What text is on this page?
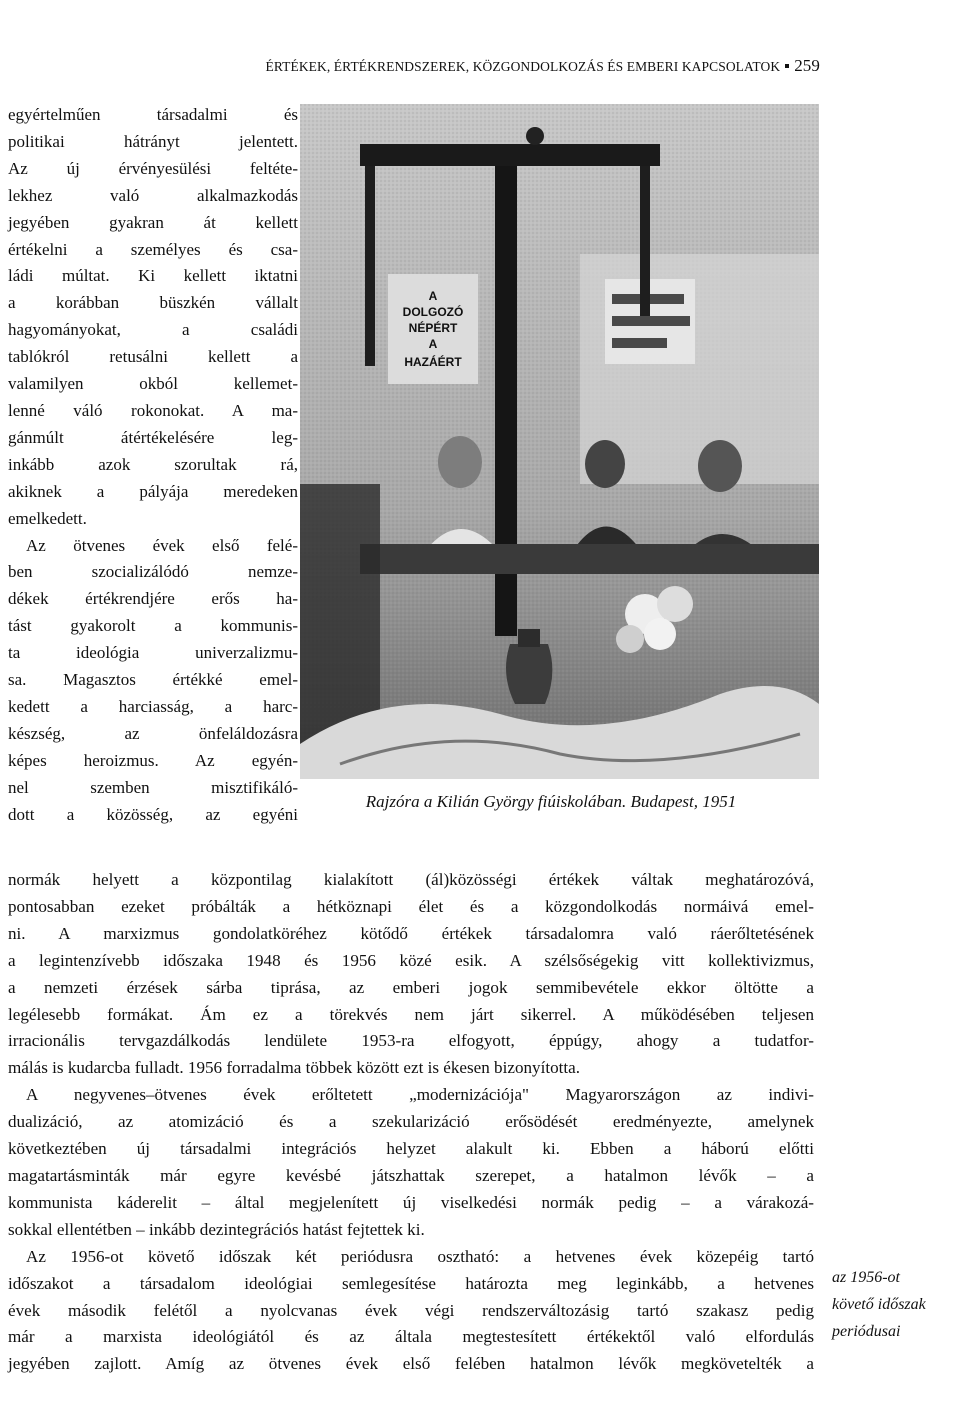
ÉRTÉKEK, ÉRTÉKRENDSZEREK, KÖZGONDOLKOZÁS ÉS EMBERI KAPCSOLATOK 259
egyértelműen társadalmi és
politikai hátrányt jelentett.
Az új érvényesülési feltéte-
lekhez való alkalmazkodás
jegyében gyakran át kellett
értékelni a személyes és csa-
ládi múltat. Ki kellett iktatni
a korábban büszkén vállalt
hagyományokat, a családi
tablókról retusálni kellett a
valamilyen okból kellemet-
lenné váló rokonokat. A ma-
gánmúlt átértékelésére leg-
inkább azok szorultak rá,
akiknek a pályája meredeken
emelkedett.
Az ötvenes évek első felé-
ben szocializálódó nemze-
dékek értékrendjére erős ha-
tást gyakorolt a kommunis-
ta ideológia univerzalizmu-
sa. Magasztos értékké emel-
kedett a harciasság, a harc-
készség, az önfeláldozásra
képes heroizmus. Az egyén-
nel szemben misztifikáló-
dott a közösség, az egyéni
A
DOLGOZÓ
NÉPÉRT
A
HAZÁÉRT
Rajzóra a Kilián György fiúiskolában. Budapest, 1951
normák helyett a központilag kialakított (ál)közösségi értékek váltak meghatározóvá,
pontosabban ezeket próbálták a hétköznapi élet és a közgondolkodás normáivá emel-
ni. A marxizmus gondolatköréhez kötődő értékek társadalomra való ráerőltetésének
a legintenzívebb időszaka 1948 és 1956 közé esik. A szélsőségekig vitt kollektivizmus,
a nemzeti érzések sárba tiprása, az emberi jogok semmibevétele ekkor öltötte a
legélesebb formákat. Ám ez a törekvés nem járt sikerrel. A működésében teljesen
irracionális tervgazdálkodás lendülete 1953-ra elfogyott, éppúgy, ahogy a tudatfor-
málás is kudarcba fulladt. 1956 forradalma többek között ezt is ékesen bizonyította.
A negyvenes–ötvenes évek erőltetett „modernizációja" Magyarországon az indivi-
dualizáció, az atomizáció és a szekularizáció erősödését eredményezte, amelynek
következtében új társadalmi integrációs helyzet alakult ki. Ebben a háború előtti
magatartásminták már egyre kevésbé játszhattak szerepet, a hatalmon lévők – a
kommunista káderelit – által megjelenített új viselkedési normák pedig – a várakozá-
sokkal ellentétben – inkább dezintegrációs hatást fejtettek ki.
Az 1956-ot követő időszak két periódusra osztható: a hetvenes évek közepéig tartó
időszakot a társadalom ideológiai semlegesítése határozta meg leginkább, a hetvenes
évek második felétől a nyolcvanas évek végi rendszerváltozásig tartó szakasz pedig
már a marxista ideológiától és az általa megtestesített értékektől való elfordulás
jegyében zajlott. Amíg az ötvenes évek első felében hatalmon lévők megkövetelték a
az 1956-ot
követő időszak
periódusai
